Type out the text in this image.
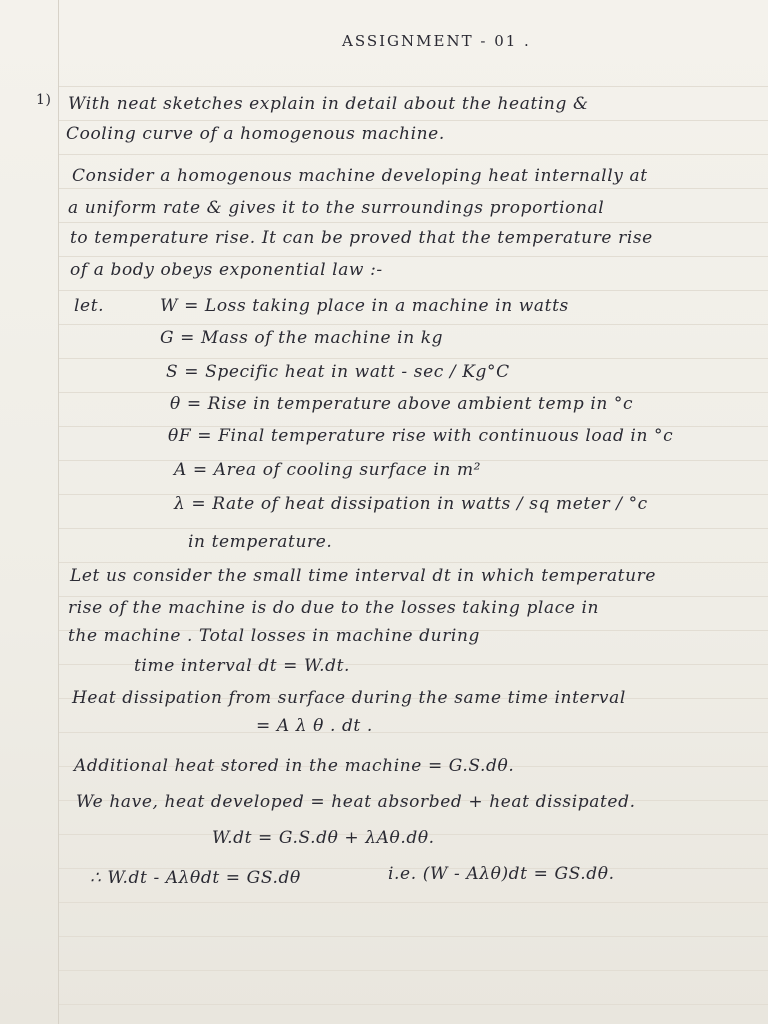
ASSIGNMENT - 01 .
1) With neat sketches explain in detail about the heating &
Cooling curve of a homogenous machine.
Consider a homogenous machine developing heat internally at
a uniform rate & gives it to the surroundings proportional
to temperature rise. It can be proved that the temperature rise
of a body obeys exponential law :-
let.	W = Loss taking place in a machine in watts
G = Mass of the machine in kg
S = Specific heat in watt - sec / Kg°C
θ = Rise in temperature above ambient temp in °c
θF = Final temperature rise with continuous load in °c
A = Area of cooling surface in m²
λ = Rate of heat dissipation in watts / sq meter / °c
in temperature.
Let us consider the small time interval dt in which temperature
rise of the machine is do due to the losses taking place in
the machine . Total losses in machine during
time interval dt = W.dt.
Heat dissipation from surface during the same time interval
= A λ θ . dt .
Additional heat stored in the machine = G.S.dθ.
We have, heat developed = heat absorbed + heat dissipated.
W.dt = G.S.dθ + λAθ.dθ.
∴ W.dt - Aλθdt = GS.dθ	i.e. (W - Aλθ)dt = GS.dθ.
